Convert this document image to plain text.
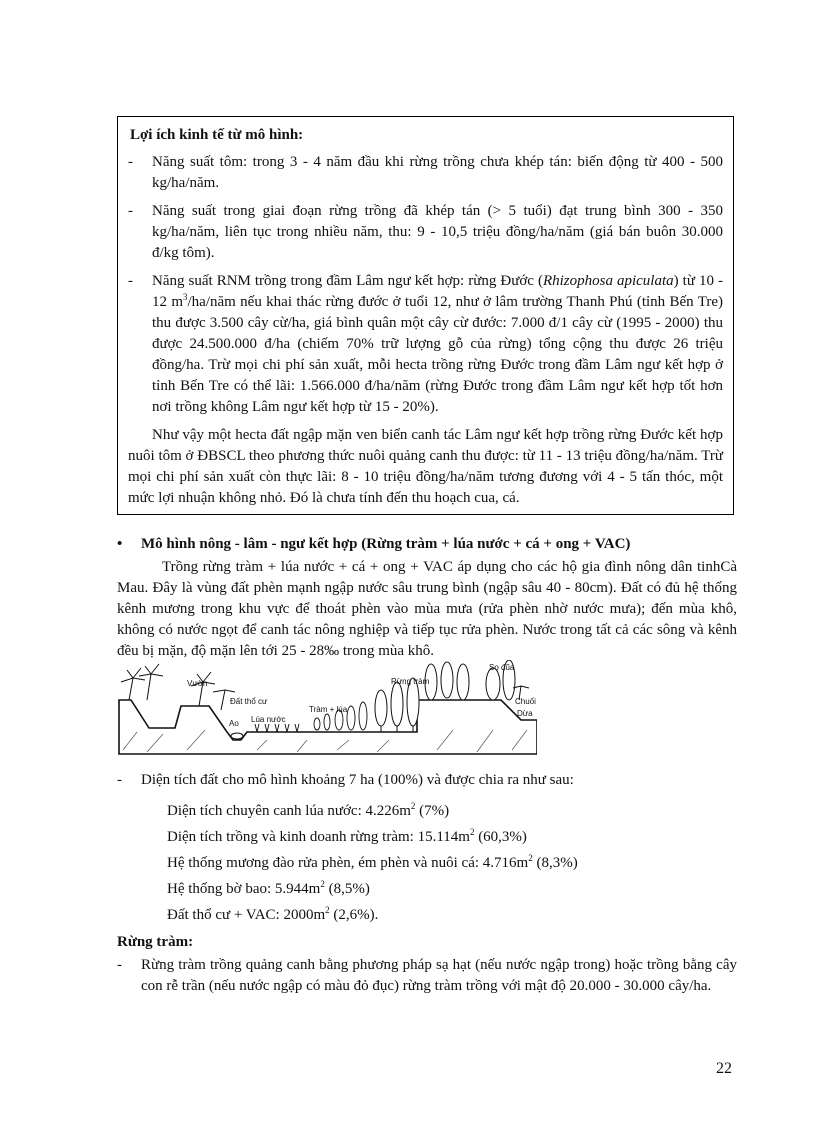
Lợi ích kinh tế từ mô hình:
- Năng suất tôm: trong 3 - 4 năm đầu khi rừng trồng chưa khép tán: biến động từ 400 - 500 kg/ha/năm.
- Năng suất trong giai đoạn rừng trồng đã khép tán (> 5 tuổi) đạt trung bình 300 - 350 kg/ha/năm, liên tục trong nhiều năm, thu: 9 - 10,5 triệu đồng/ha/năm (giá bán buôn 30.000 đ/kg tôm).
- Năng suất RNM trồng trong đầm Lâm ngư kết hợp: rừng Đước (Rhizophosa apiculata) từ 10 - 12 $m^3/ha$/năm nếu khai thác rừng đước ở tuổi 12, như ở lâm trường Thanh Phú (tỉnh Bến Tre) thu được 3.500 cây cừ/ha, giá bình quân một cây cừ đước: 7.000 đ/1 cây cừ (1995 - 2000) thu được 24.500.000 đ/ha (chiếm 70% trữ lượng gỗ của rừng) tổng cộng thu được 26 triệu đồng/ha. Trừ mọi chi phí sản xuất, mỗi hecta trồng rừng Đước trong đầm Lâm ngư kết hợp ở tỉnh Bến Tre có thể lãi: 1.566.000 đ/ha/năm (rừng Đước trong đầm Lâm ngư kết hợp tốt hơn nơi trồng không Lâm ngư kết hợp từ 15 - 20%).

Như vậy một hecta đất ngập mặn ven biển canh tác Lâm ngư kết hợp trồng rừng Đước kết hợp nuôi tôm ở ĐBSCL theo phương thức nuôi quảng canh thu được: từ 11 - 13 triệu đồng/ha/năm. Trừ mọi chi phí sản xuất còn thực lãi: 8 - 10 triệu đồng/ha/năm tương đương với 4 - 5 tấn thóc, một mức lợi nhuận không nhỏ. Đó là chưa tính đến thu hoạch cua, cá.

• Mô hình nông - lâm - ngư kết hợp (Rừng tràm + lúa nước + cá + ong + VAC)

Trồng rừng tràm + lúa nước + cá + ong + VAC áp dụng cho các hộ gia đình nông dân tinhCà Mau. Đây là vùng đất phèn mạnh ngập nước sâu trung bình (ngập sâu 40 - 80cm). Đất có đủ hệ thống kênh mương trong khu vực để thoát phèn vào mùa mưa (rửa phèn nhờ nước mưa); đến mùa khô, không có nước ngọt để canh tác nông nghiệp và tiếp tục rửa phèn. Nước trong tất cả các sông và kênh đều bị mặn, độ mặn lên tới 25 - 28‰ trong mùa khô.

Vườn
Đất thổ cư
Ao Lúa nước
Tràm + lúa
Rừng tràm
So đũa
Chuối
Dừa
- Diện tích đất cho mô hình khoảng 7 ha (100%) và được chia ra như sau:
Diện tích chuyên canh lúa nước: $4.226m^2$ (7%)
Diện tích trồng và kinh doanh rừng tràm: $15.114m^2$ (60,3%)
Hệ thống mương đào rửa phèn, ém phèn và nuôi cá: $4.716m^2$ (8,3%)
Hệ thống bờ bao: $5.944m^2$ (8,5%)
Đất thổ cư + VAC: $2000m^2$ (2,6%).
Rừng tràm:
- Rừng tràm trồng quảng canh bằng phương pháp sạ hạt (nếu nước ngập trong) hoặc trồng bằng cây con rễ trần (nếu nước ngập có màu đỏ đục) rừng tràm trồng với mật độ 20.000 - 30.000 cây/ha.
22
